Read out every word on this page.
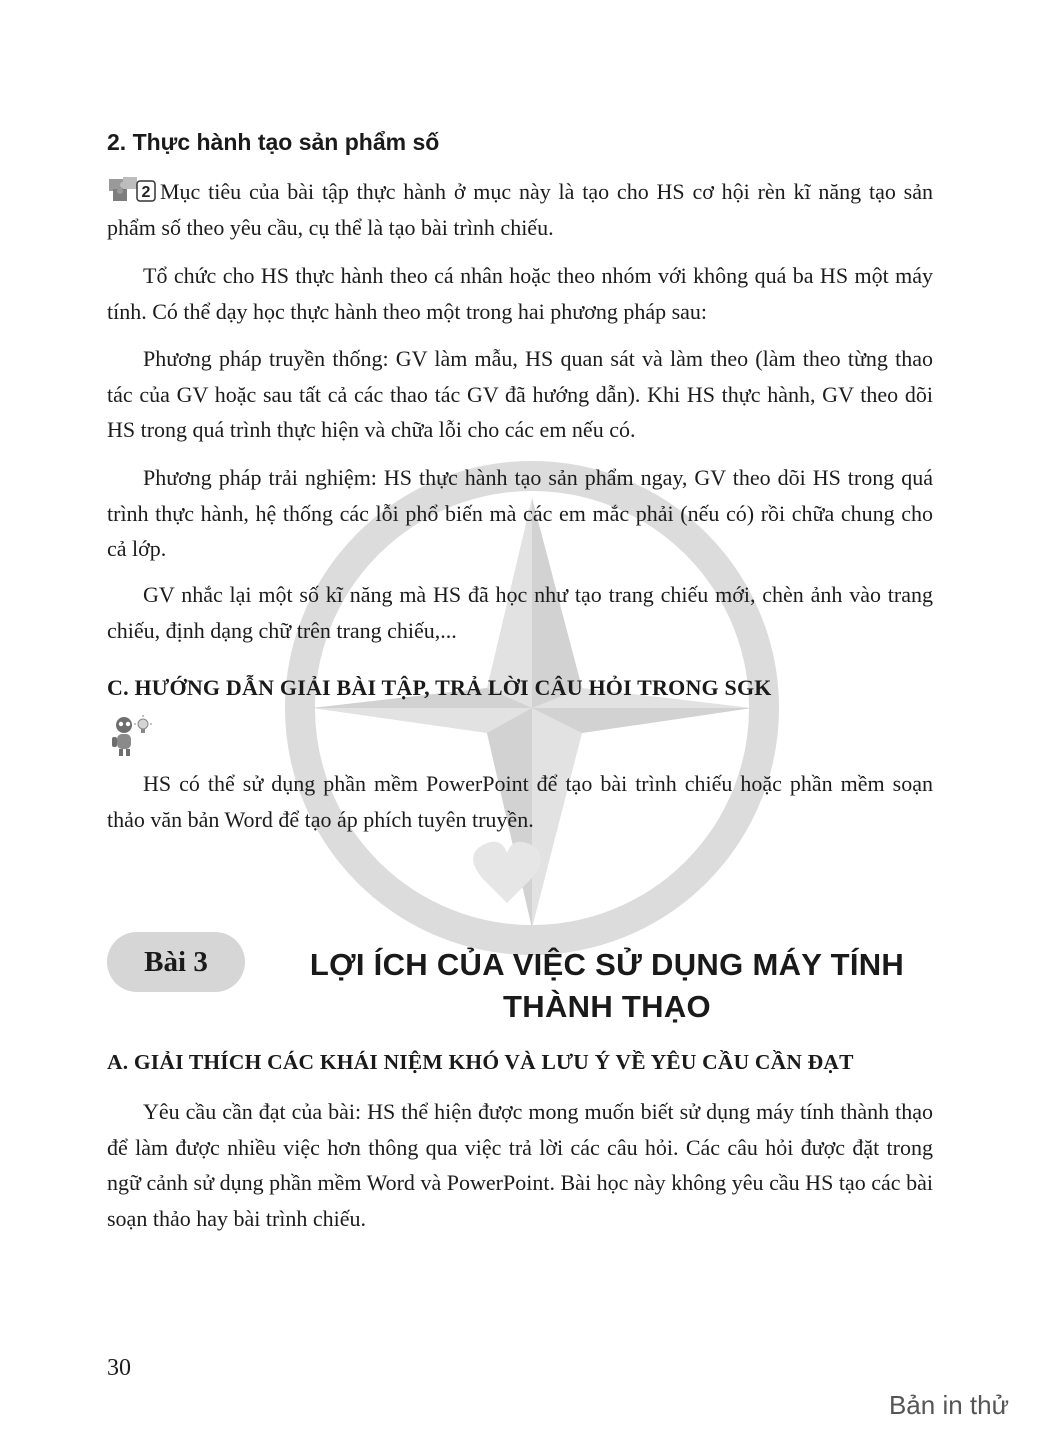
2. Thực hành tạo sản phẩm số

2 Mục tiêu của bài tập thực hành ở mục này là tạo cho HS cơ hội rèn kĩ năng tạo sản phẩm số theo yêu cầu, cụ thể là tạo bài trình chiếu.

Tổ chức cho HS thực hành theo cá nhân hoặc theo nhóm với không quá ba HS một máy tính. Có thể dạy học thực hành theo một trong hai phương pháp sau:

Phương pháp truyền thống: GV làm mẫu, HS quan sát và làm theo (làm theo từng thao tác của GV hoặc sau tất cả các thao tác GV đã hướng dẫn). Khi HS thực hành, GV theo dõi HS trong quá trình thực hiện và chữa lỗi cho các em nếu có.

Phương pháp trải nghiệm: HS thực hành tạo sản phẩm ngay, GV theo dõi HS trong quá trình thực hành, hệ thống các lỗi phổ biến mà các em mắc phải (nếu có) rồi chữa chung cho cả lớp.

GV nhắc lại một số kĩ năng mà HS đã học như tạo trang chiếu mới, chèn ảnh vào trang chiếu, định dạng chữ trên trang chiếu,...

C. HƯỚNG DẪN GIẢI BÀI TẬP, TRẢ LỜI CÂU HỎI TRONG SGK

HS có thể sử dụng phần mềm PowerPoint để tạo bài trình chiếu hoặc phần mềm soạn thảo văn bản Word để tạo áp phích tuyên truyền.

Bài 3	LỢI ÍCH CỦA VIỆC SỬ DỤNG MÁY TÍNH
THÀNH THẠO
A. GIẢI THÍCH CÁC KHÁI NIỆM KHÓ VÀ LƯU Ý VỀ YÊU CẦU CẦN ĐẠT

Yêu cầu cần đạt của bài: HS thể hiện được mong muốn biết sử dụng máy tính thành thạo để làm được nhiều việc hơn thông qua việc trả lời các câu hỏi. Các câu hỏi được đặt trong ngữ cảnh sử dụng phần mềm Word và PowerPoint. Bài học này không yêu cầu HS tạo các bài soạn thảo hay bài trình chiếu.

30
Bản in thử
